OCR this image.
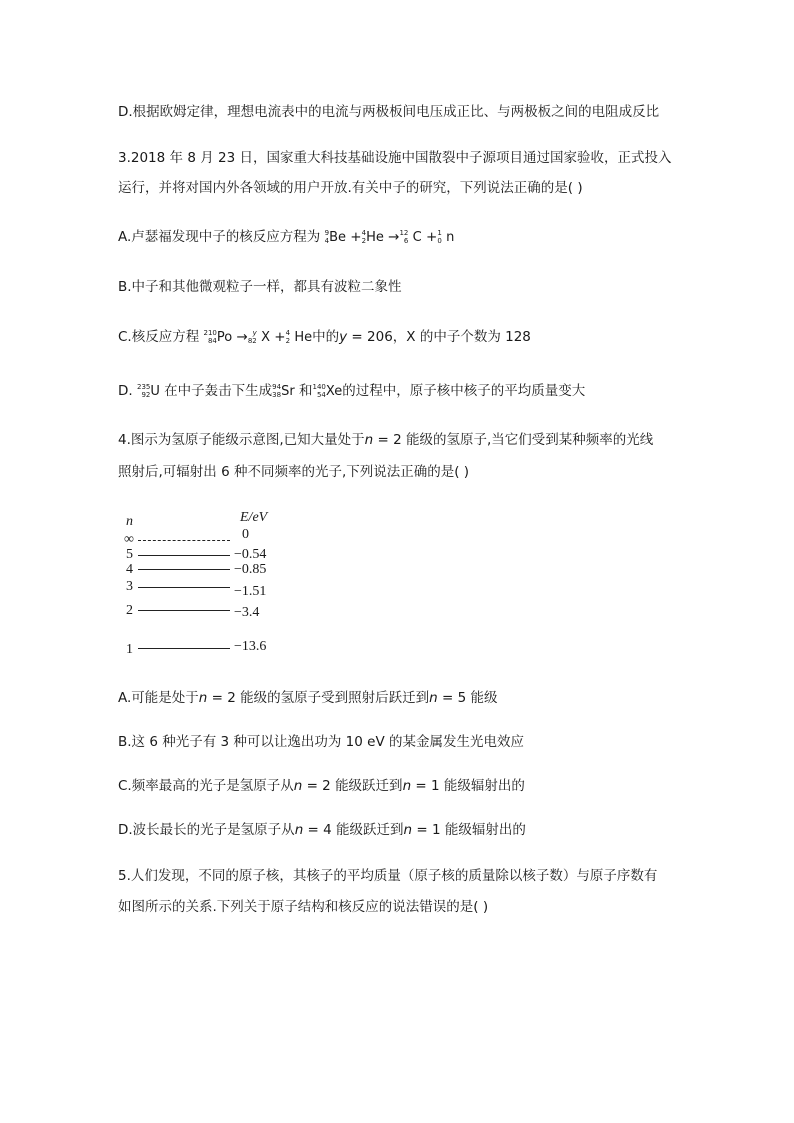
D.根据欧姆定律，理想电流表中的电流与两极板间电压成正比、与两极板之间的电阻成反比
3.2018 年 8 月 23 日，国家重大科技基础设施中国散裂中子源项目通过国家验收，正式投入
运行，并将对国内外各领域的用户开放.有关中子的研究，下列说法正确的是( )
A.卢瑟福发现中子的核反应方程为 9
4 Be + 4
2 He → 12
6 C + 1
0 n
B.中子和其他微观粒子一样，都具有波粒二象性
C.核反应方程 210
84 Po → y
82 X + 4
2 He中的y = 206，X 的中子个数为 128
D. 235
92 U 在中子轰击下生成 94
38 Sr 和 140
54 Xe的过程中，原子核中核子的平均质量变大
4.图示为氢原子能级示意图,已知大量处于n = 2 能级的氢原子,当它们受到某种频率的光线
照射后,可辐射出 6 种不同频率的光子,下列说法正确的是( )
n	E/eV
∞	0
5	−0.54
4	−0.85
3	−1.51
2	−3.4
1	−13.6
A.可能是处于n = 2 能级的氢原子受到照射后跃迁到n = 5 能级
B.这 6 种光子有 3 种可以让逸出功为 10 eV 的某金属发生光电效应
C.频率最高的光子是氢原子从n = 2 能级跃迁到n = 1 能级辐射出的
D.波长最长的光子是氢原子从n = 4 能级跃迁到n = 1 能级辐射出的
5.人们发现，不同的原子核，其核子的平均质量（原子核的质量除以核子数）与原子序数有
如图所示的关系.下列关于原子结构和核反应的说法错误的是( )
